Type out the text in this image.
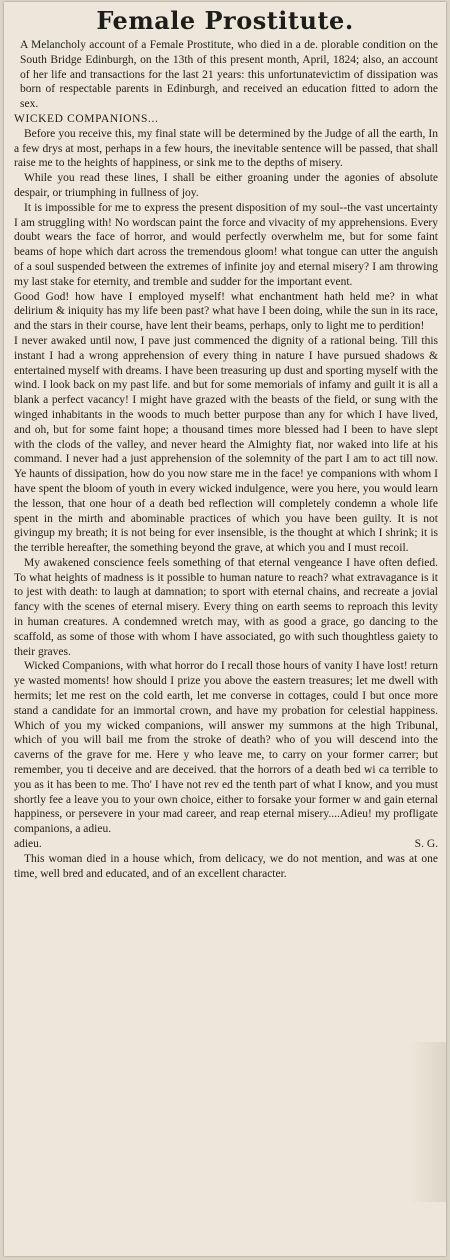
Female Prostitute.

A Melancholy account of a Female Prostitute, who died in a de. plorable condition on the South Bridge Edinburgh, on the 13th of this present month, April, 1824; also, an account of her life and transactions for the last 21 years: this unfortunatevictim of dissipation was born of respectable parents in Edinburgh, and received an education fitted to adorn the sex.

WICKED COMPANIONS...

Before you receive this, my final state will be determined by the Judge of all the earth, In a few drys at most, perhaps in a few hours, the inevitable sentence will be passed, that shall raise me to the heights of happiness, or sink me to the depths of misery.

While you read these lines, I shall be either groaning under the agonies of absolute despair, or triumphing in fullness of joy.

It is impossible for me to express the present disposition of my soul--the vast uncertainty I am struggling with! No wordscan paint the force and vivacity of my apprehensions. Every doubt wears the face of horror, and would perfectly overwhelm me, but for some faint beams of hope which dart across the tremendous gloom! what tongue can utter the anguish of a soul suspended between the extremes of infinite joy and eternal misery? I am throwing my last stake for eternity, and tremble and sudder for the important event.

Good God! how have I employed myself! what enchantment hath held me? in what delirium & iniquity has my life been past? what have I been doing, while the sun in its race, and the stars in their course, have lent their beams, perhaps, only to light me to perdition!

I never awaked until now, I pave just commenced the dignity of a rational being. Till this instant I had a wrong apprehension of every thing in nature I have pursued shadows & entertained myself with dreams. I have been treasuring up dust and sporting myself with the wind. I look back on my past life. and but for some memorials of infamy and guilt it is all a blank a perfect vacancy! I might have grazed with the beasts of the field, or sung with the winged inhabitants in the woods to much better purpose than any for which I have lived, and oh, but for some faint hope; a thousand times more blessed had I been to have slept with the clods of the valley, and never heard the Almighty fiat, nor waked into life at his command. I never had a just apprehension of the solemnity of the part I am to act till now. Ye haunts of dissipation, how do you now stare me in the face! ye companions with whom I have spent the bloom of youth in every wicked indulgence, were you here, you would learn the lesson, that one hour of a death bed reflection will completely condemn a whole life spent in the mirth and abominable practices of which you have been guilty. It is not givingup my breath; it is not being for ever insensible, is the thought at which I shrink; it is the terrible hereafter, the something beyond the grave, at which you and I must recoil.

My awakened conscience feels something of that eternal vengeance I have often defied. To what heights of madness is it possible to human nature to reach? what extravagance is it to jest with death: to laugh at damnation; to sport with eternal chains, and recreate a jovial fancy with the scenes of eternal misery. Every thing on earth seems to reproach this levity in human creatures. A condemned wretch may, with as good a grace, go dancing to the scaffold, as some of those with whom I have associated, go with such thoughtless gaiety to their graves.

Wicked Companions, with what horror do I recall those hours of vanity I have lost! return ye wasted moments! how should I prize you above the eastern treasures; let me dwell with hermits; let me rest on the cold earth, let me converse in cottages, could I but once more stand a candidate for an immortal crown, and have my probation for celestial happiness. Which of you my wicked companions, will answer my summons at the high Tribunal, which of you will bail me from the stroke of death? who of you will descend into the caverns of the grave for me. Here y who leave me, to carry on your former carrer; but remember, you ti deceive and are deceived. that the horrors of a death bed wi ca terrible to you as it has been to me. Tho' I have not rev ed the tenth part of what I know, and you must shortly fee a leave you to your own choice, either to forsake your former w and gain eternal happiness, or persevere in your mad career, and reap eternal misery....Adieu! my profligate companions, a adieu.

adieu.	S. G.

This woman died in a house which, from delicacy, we do not mention, and was at one time, well bred and educated, and of an excellent character.
